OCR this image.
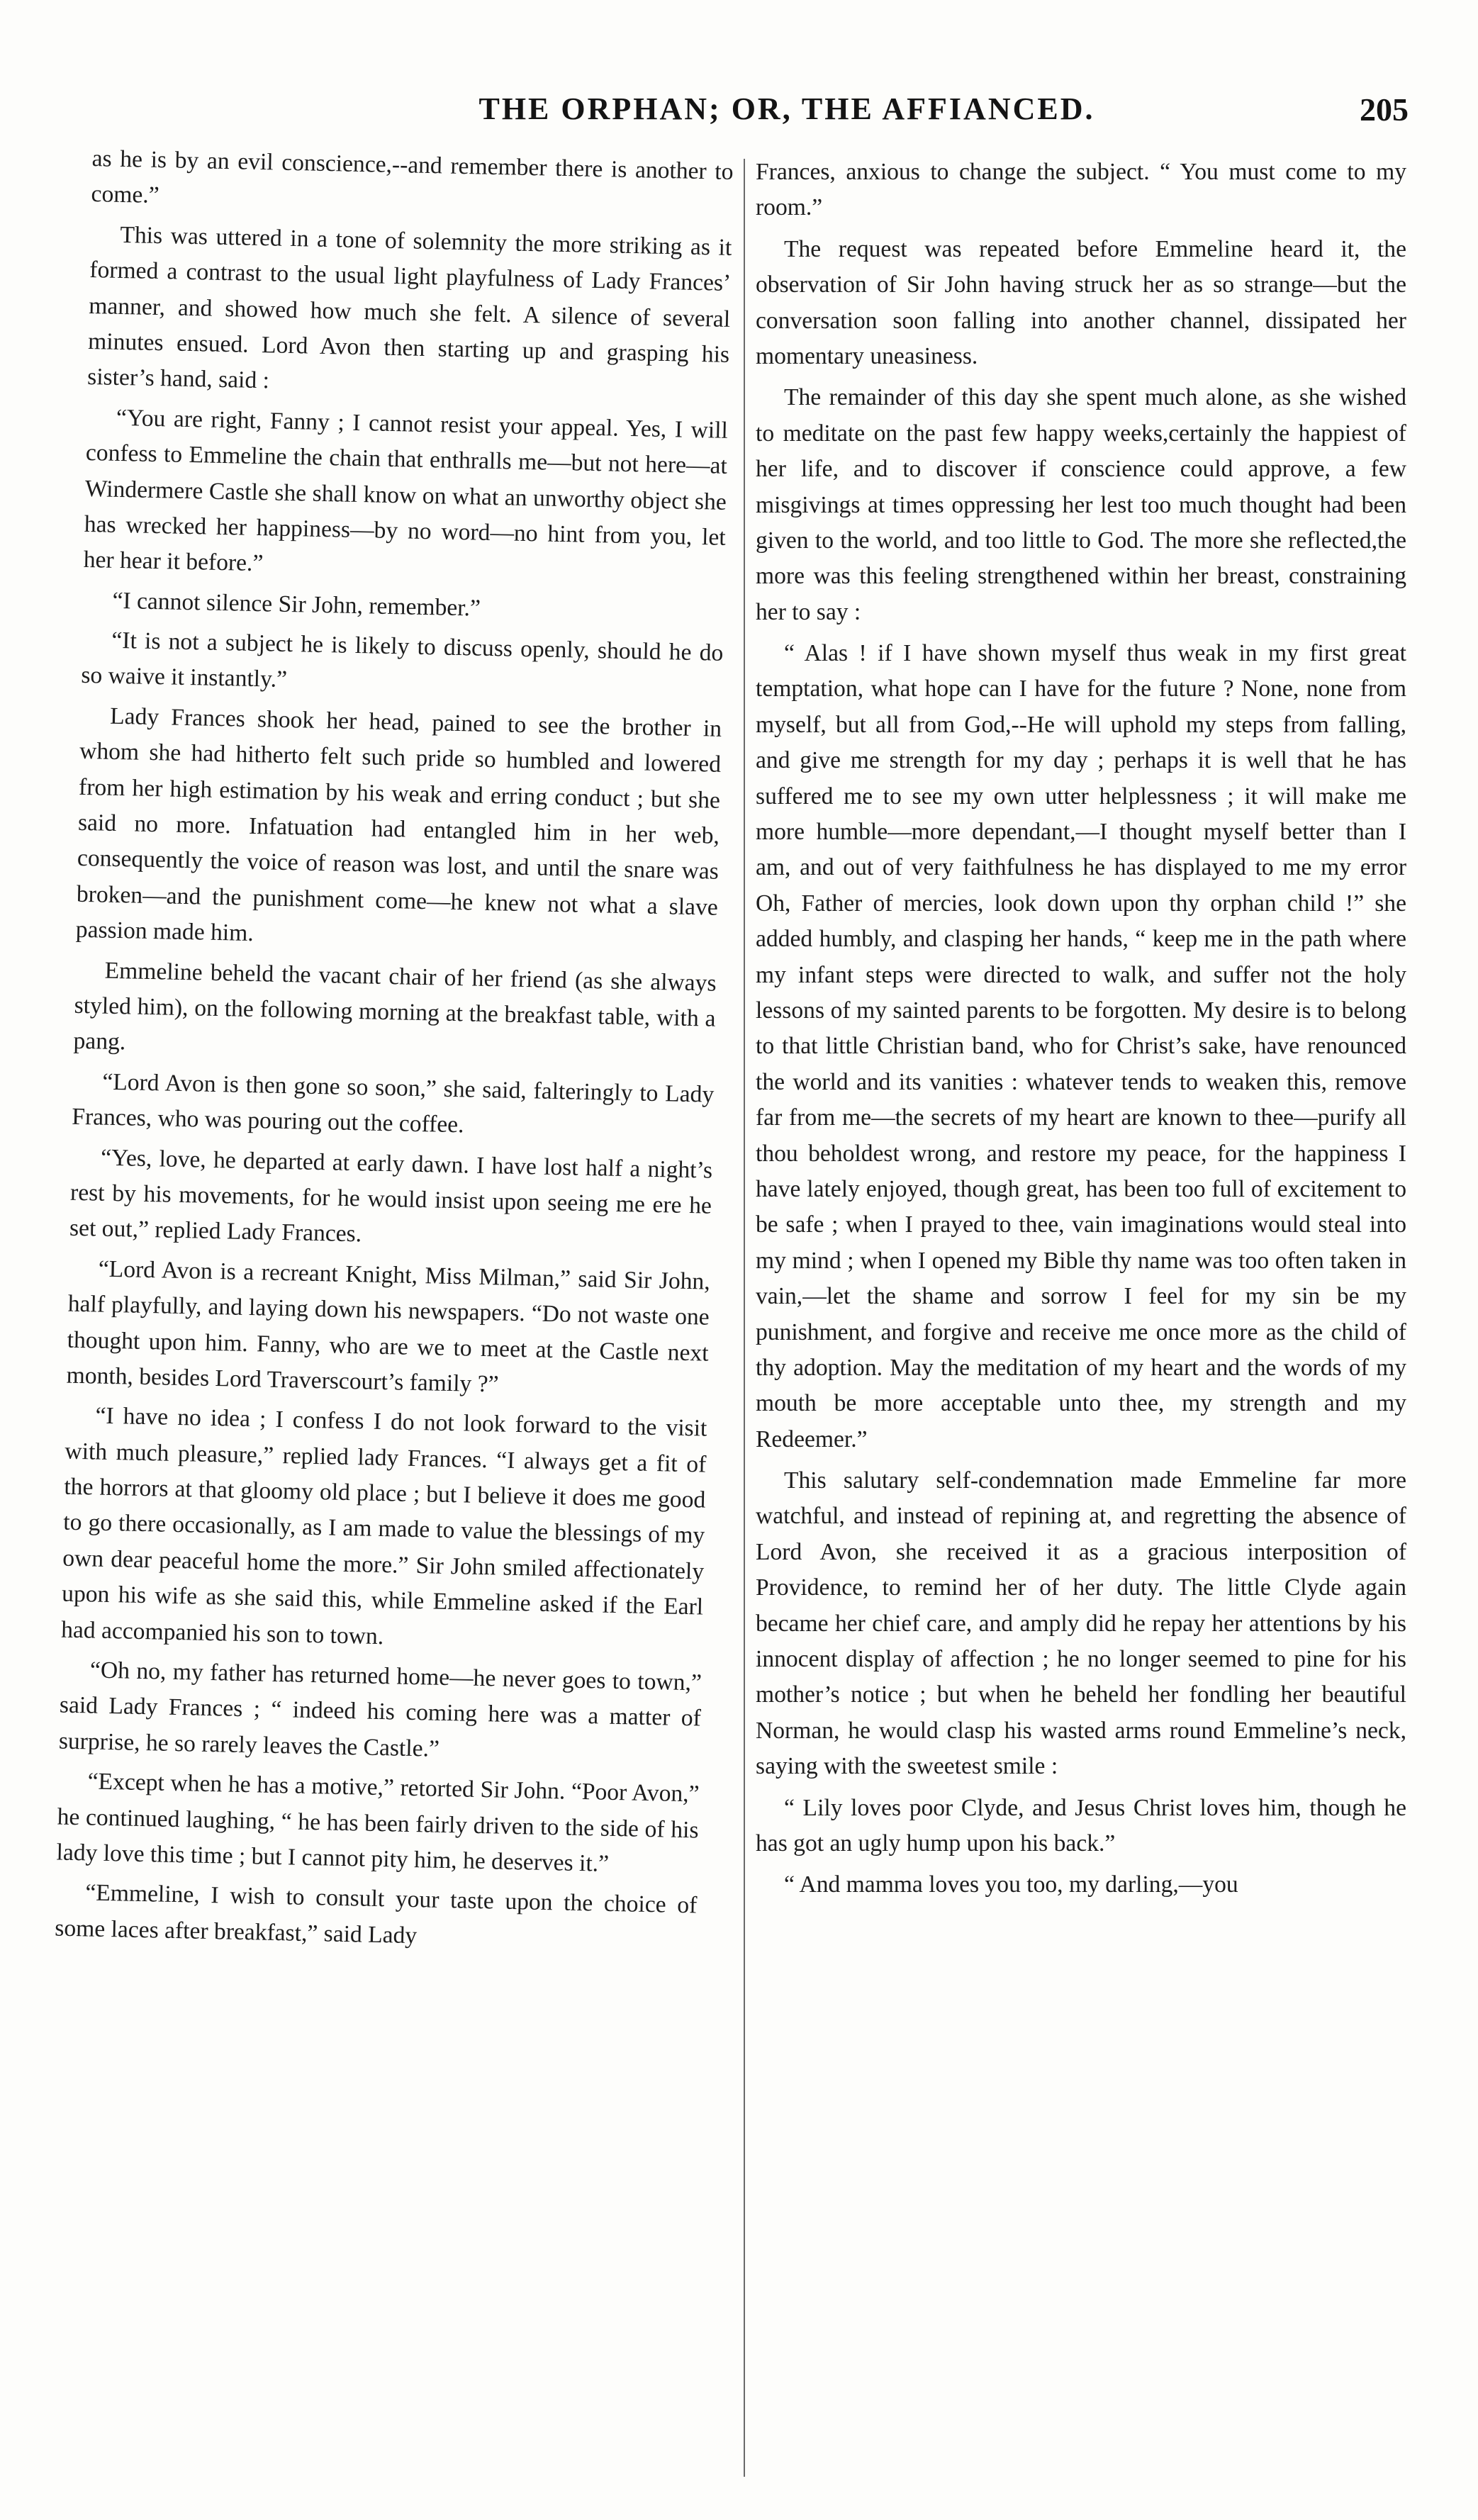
THE ORPHAN; OR, THE AFFIANCED.	205

as he is by an evil conscience,--and remember there is another to come.”

This was uttered in a tone of solemnity the more striking as it formed a contrast to the usual light playfulness of Lady Frances’ manner, and showed how much she felt. A silence of several minutes ensued. Lord Avon then starting up and grasping his sister’s hand, said :

“You are right, Fanny ; I cannot resist your appeal. Yes, I will confess to Emmeline the chain that enthralls me—but not here—at Windermere Castle she shall know on what an unworthy object she has wrecked her happiness—by no word—no hint from you, let her hear it before.”

“I cannot silence Sir John, remember.”

“It is not a subject he is likely to discuss openly, should he do so waive it instantly.”

Lady Frances shook her head, pained to see the brother in whom she had hitherto felt such pride so humbled and lowered from her high estimation by his weak and erring conduct ; but she said no more. Infatuation had entangled him in her web, consequently the voice of reason was lost, and until the snare was broken—and the punishment come—he knew not what a slave passion made him.

Emmeline beheld the vacant chair of her friend (as she always styled him), on the following morning at the breakfast table, with a pang.

“Lord Avon is then gone so soon,” she said, falteringly to Lady Frances, who was pouring out the coffee.

“Yes, love, he departed at early dawn. I have lost half a night’s rest by his movements, for he would insist upon seeing me ere he set out,” replied Lady Frances.

“Lord Avon is a recreant Knight, Miss Milman,” said Sir John, half playfully, and laying down his newspapers. “Do not waste one thought upon him. Fanny, who are we to meet at the Castle next month, besides Lord Traverscourt’s family ?”

“I have no idea ; I confess I do not look forward to the visit with much pleasure,” replied lady Frances. “I always get a fit of the horrors at that gloomy old place ; but I believe it does me good to go there occasionally, as I am made to value the blessings of my own dear peaceful home the more.” Sir John smiled affectionately upon his wife as she said this, while Emmeline asked if the Earl had accompanied his son to town.

“Oh no, my father has returned home—he never goes to town,” said Lady Frances ; “ indeed his coming here was a matter of surprise, he so rarely leaves the Castle.”

“Except when he has a motive,” retorted Sir John. “Poor Avon,” he continued laughing, “ he has been fairly driven to the side of his lady love this time ; but I cannot pity him, he deserves it.”

“Emmeline, I wish to consult your taste upon the choice of some laces after breakfast,” said Lady

Frances, anxious to change the subject. “ You must come to my room.”

The request was repeated before Emmeline heard it, the observation of Sir John having struck her as so strange—but the conversation soon falling into another channel, dissipated her momentary uneasiness.

The remainder of this day she spent much alone, as she wished to meditate on the past few happy weeks,certainly the happiest of her life, and to discover if conscience could approve, a few misgivings at times oppressing her lest too much thought had been given to the world, and too little to God. The more she reflected,the more was this feeling strengthened within her breast, constraining her to say :

“ Alas ! if I have shown myself thus weak in my first great temptation, what hope can I have for the future ? None, none from myself, but all from God,--He will uphold my steps from falling, and give me strength for my day ; perhaps it is well that he has suffered me to see my own utter helplessness ; it will make me more humble—more dependant,—I thought myself better than I am, and out of very faithfulness he has displayed to me my error Oh, Father of mercies, look down upon thy orphan child !” she added humbly, and clasping her hands, “ keep me in the path where my infant steps were directed to walk, and suffer not the holy lessons of my sainted parents to be forgotten. My desire is to belong to that little Christian band, who for Christ’s sake, have renounced the world and its vanities : whatever tends to weaken this, remove far from me—the secrets of my heart are known to thee—purify all thou beholdest wrong, and restore my peace, for the happiness I have lately enjoyed, though great, has been too full of excitement to be safe ; when I prayed to thee, vain imaginations would steal into my mind ; when I opened my Bible thy name was too often taken in vain,—let the shame and sorrow I feel for my sin be my punishment, and forgive and receive me once more as the child of thy adoption. May the meditation of my heart and the words of my mouth be more acceptable unto thee, my strength and my Redeemer.”

This salutary self-condemnation made Emmeline far more watchful, and instead of repining at, and regretting the absence of Lord Avon, she received it as a gracious interposition of Providence, to remind her of her duty. The little Clyde again became her chief care, and amply did he repay her attentions by his innocent display of affection ; he no longer seemed to pine for his mother’s notice ; but when he beheld her fondling her beautiful Norman, he would clasp his wasted arms round Emmeline’s neck, saying with the sweetest smile :

“ Lily loves poor Clyde, and Jesus Christ loves him, though he has got an ugly hump upon his back.”

“ And mamma loves you too, my darling,—you
